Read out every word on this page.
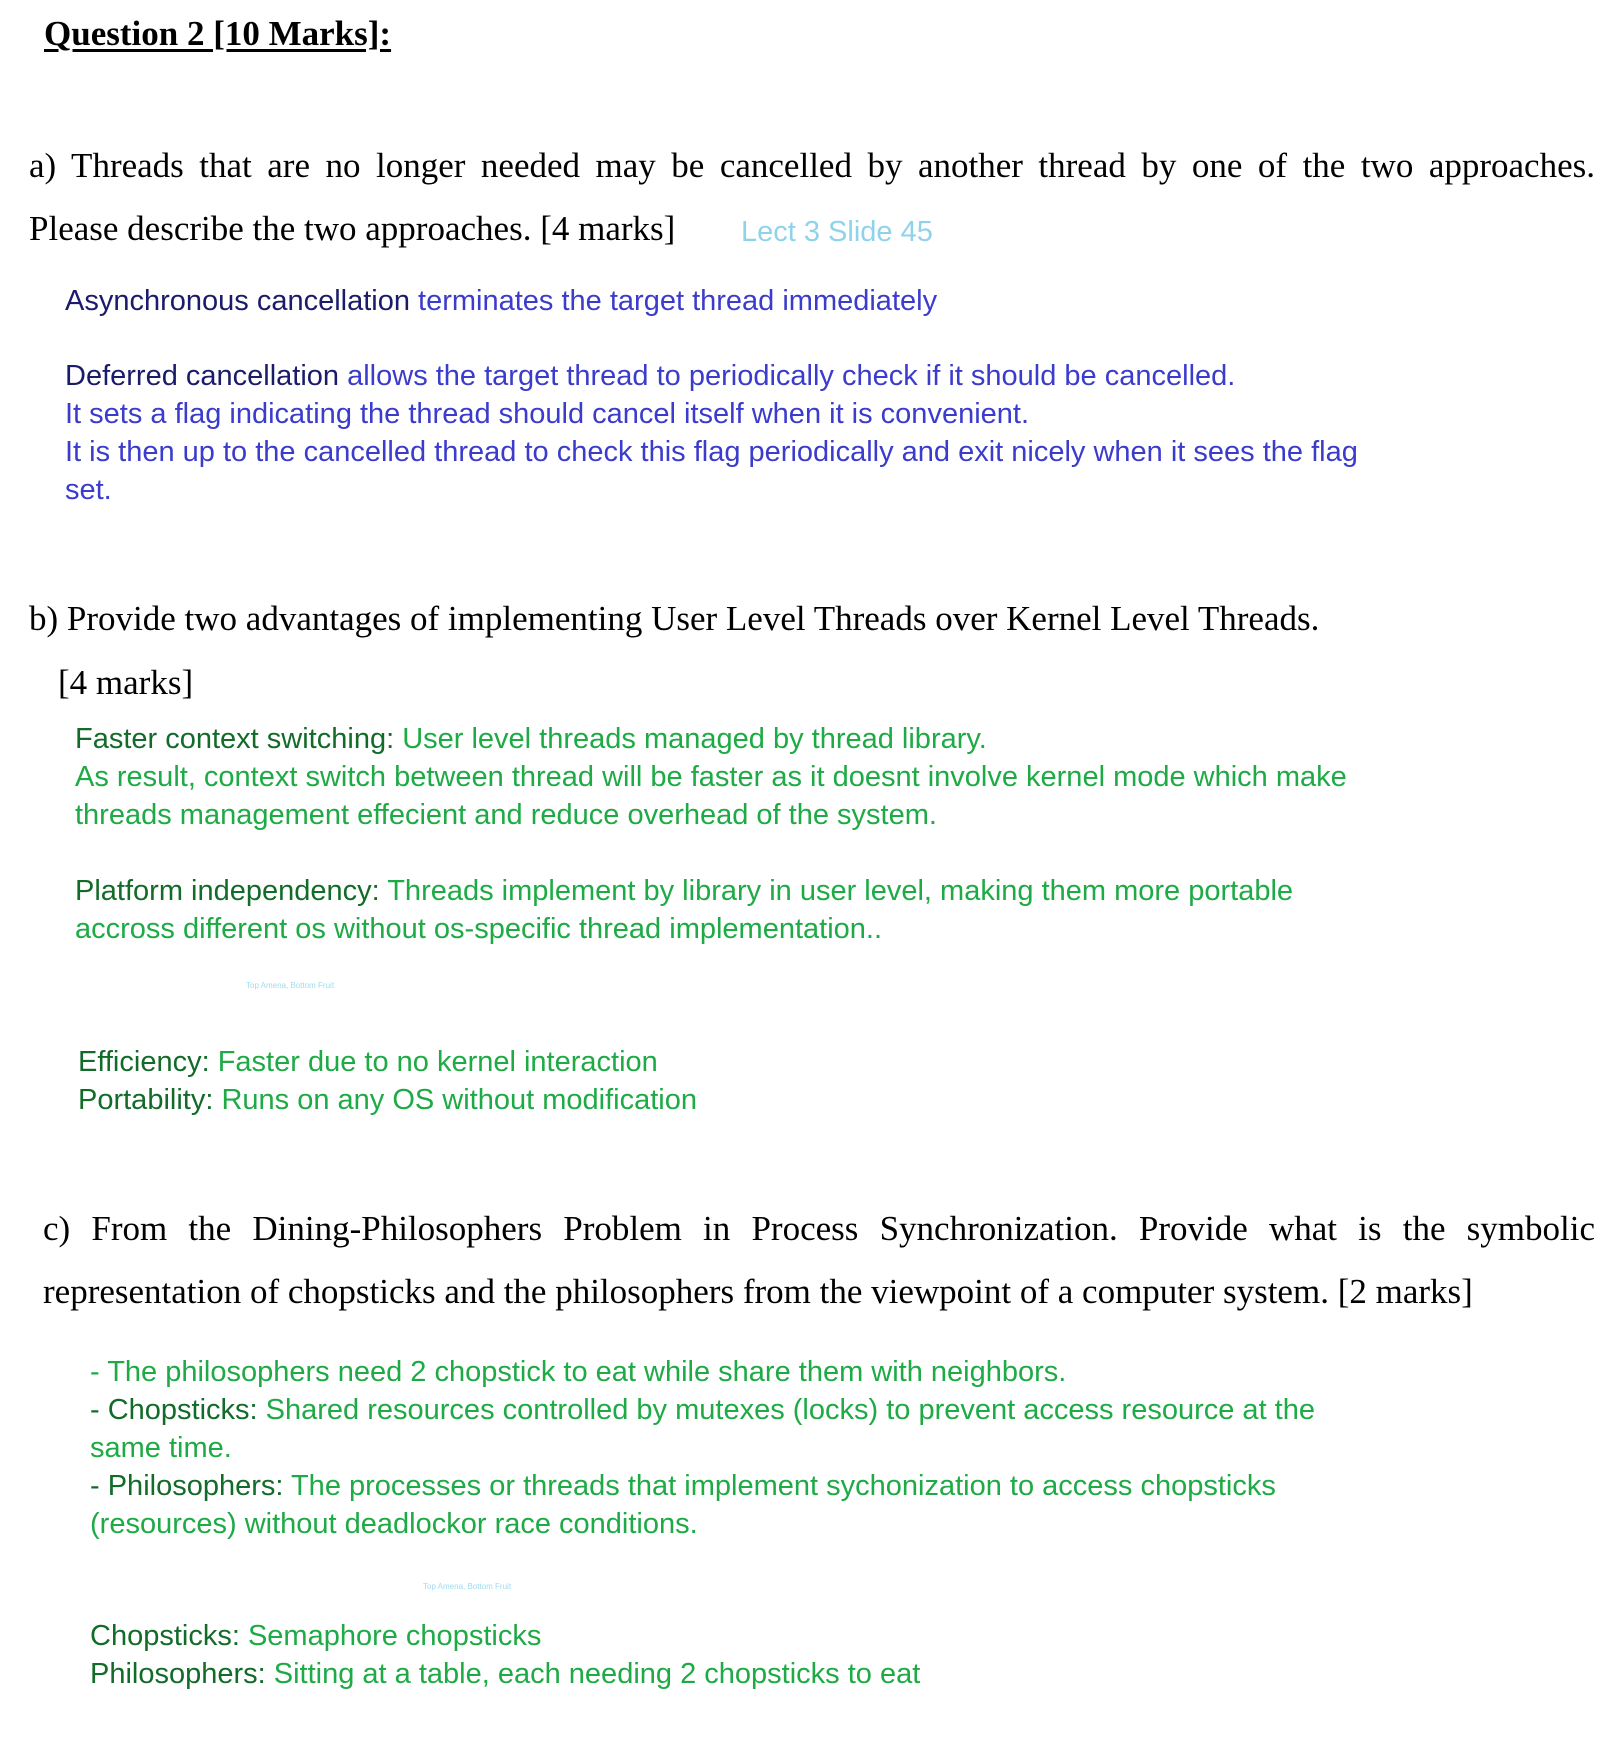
Question 2 [10 Marks]:
a) Threads that are no longer needed may be cancelled by another thread by one of the two approaches.
Please describe the two approaches. [4 marks] Lect 3 Slide 45
Asynchronous cancellation terminates the target thread immediately
Deferred cancellation allows the target thread to periodically check if it should be cancelled.
It sets a flag indicating the thread should cancel itself when it is convenient.
It is then up to the cancelled thread to check this flag periodically and exit nicely when it sees the flag set.
b) Provide two advantages of implementing User Level Threads over Kernel Level Threads.
[4 marks]
Faster context switching: User level threads managed by thread library.
As result, context switch between thread will be faster as it doesnt involve kernel mode which make threads management effecient and reduce overhead of the system.
Platform independency: Threads implement by library in user level, making them more portable accross different os without os-specific thread implementation..
Top Amena, Bottom Fruit
Efficiency: Faster due to no kernel interaction
Portability: Runs on any OS without modification
c) From the Dining-Philosophers Problem in Process Synchronization. Provide what is the symbolic
representation of chopsticks and the philosophers from the viewpoint of a computer system. [2 marks]
- The philosophers need 2 chopstick to eat while share them with neighbors.
- Chopsticks: Shared resources controlled by mutexes (locks) to prevent access resource at the same time.
- Philosophers: The processes or threads that implement sychonization to access chopsticks (resources) without deadlockor race conditions.
Top Amena, Bottom Fruit
Chopsticks: Semaphore chopsticks
Philosophers: Sitting at a table, each needing 2 chopsticks to eat
